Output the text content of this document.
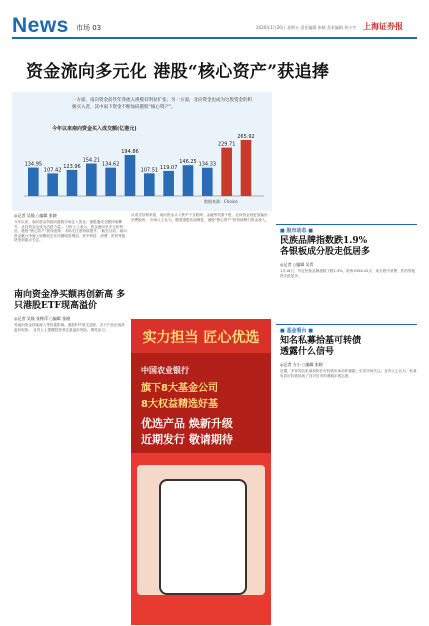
News 市场 03	2020年1月20日 星期五 责任编辑 张晓 美术编辑 刘小宇 上海证券报
资金流向多元化 港股“核心资产”获追捧
一方面，南向资金前些年净流入规模有明显扩张；另一方面，北向资金也成为这股资金的积极买入者，其中南下资金不断加码港股“核心资产”。
今年以来南向资金买入成交额(亿港元)
134.95
107.42
123.96
154.21
134.62
194.86
107.51 119.07
146.25 134.33
229.71
265.92
数据来源：Choice
◎记者 吴隆 ○编辑 张晓
今年以来，南向资金持续向港股市场注入资金，港股通成交额持续攀升，北向资金也成为活跃力量。 分析人士表示，资金流向呈多元化特征，港股“核心资产”获得追捧，市场关注度持续提升。 截至目前，南向资金累计净流入规模较去年同期明显增加，其中科技、消费、医药等板块受到重点关注。
南向资金净买额再创新高 多只港股ETF现高溢价
◎记者 吴隆 张桦萍 ○编辑 张晓
受南向资金持续流入等因素影响，港股ETF成交活跃，多只产品出现高溢价现象。 业内人士提醒投资者注意溢价风险，理性参与。
从成交结构来看，南向资金买入集中于互联网、金融等权重个股，北向资金则更加偏好消费板块。 市场人士认为，随着港股估值修复，港股“核心资产”将持续吸引资金流入。
实力担当 匠心优选
中国农业银行
旗下8大基金公司
8大权益精选好基
优选产品 焕新升级
近期发行 敬请期待
■ 股市动态 ■
民族品牌指数跌1.9%
各银板成分股走低居多
◎记者 ○编辑 吴青
1月18日，中证民族品牌指数下跌1.9%，报收9356.42点，成分股中消费、医药等板块走低居多。
■ 基金看台 ■
知名私募拾基可转债
透露什么信号
◎记者 方小 ○编辑 张晓
近期，多家知名私募机构在可转债市场动作频频，引发市场关注。业内人士认为，私募布局可转债体现了其对后市的谨慎乐观态度。
